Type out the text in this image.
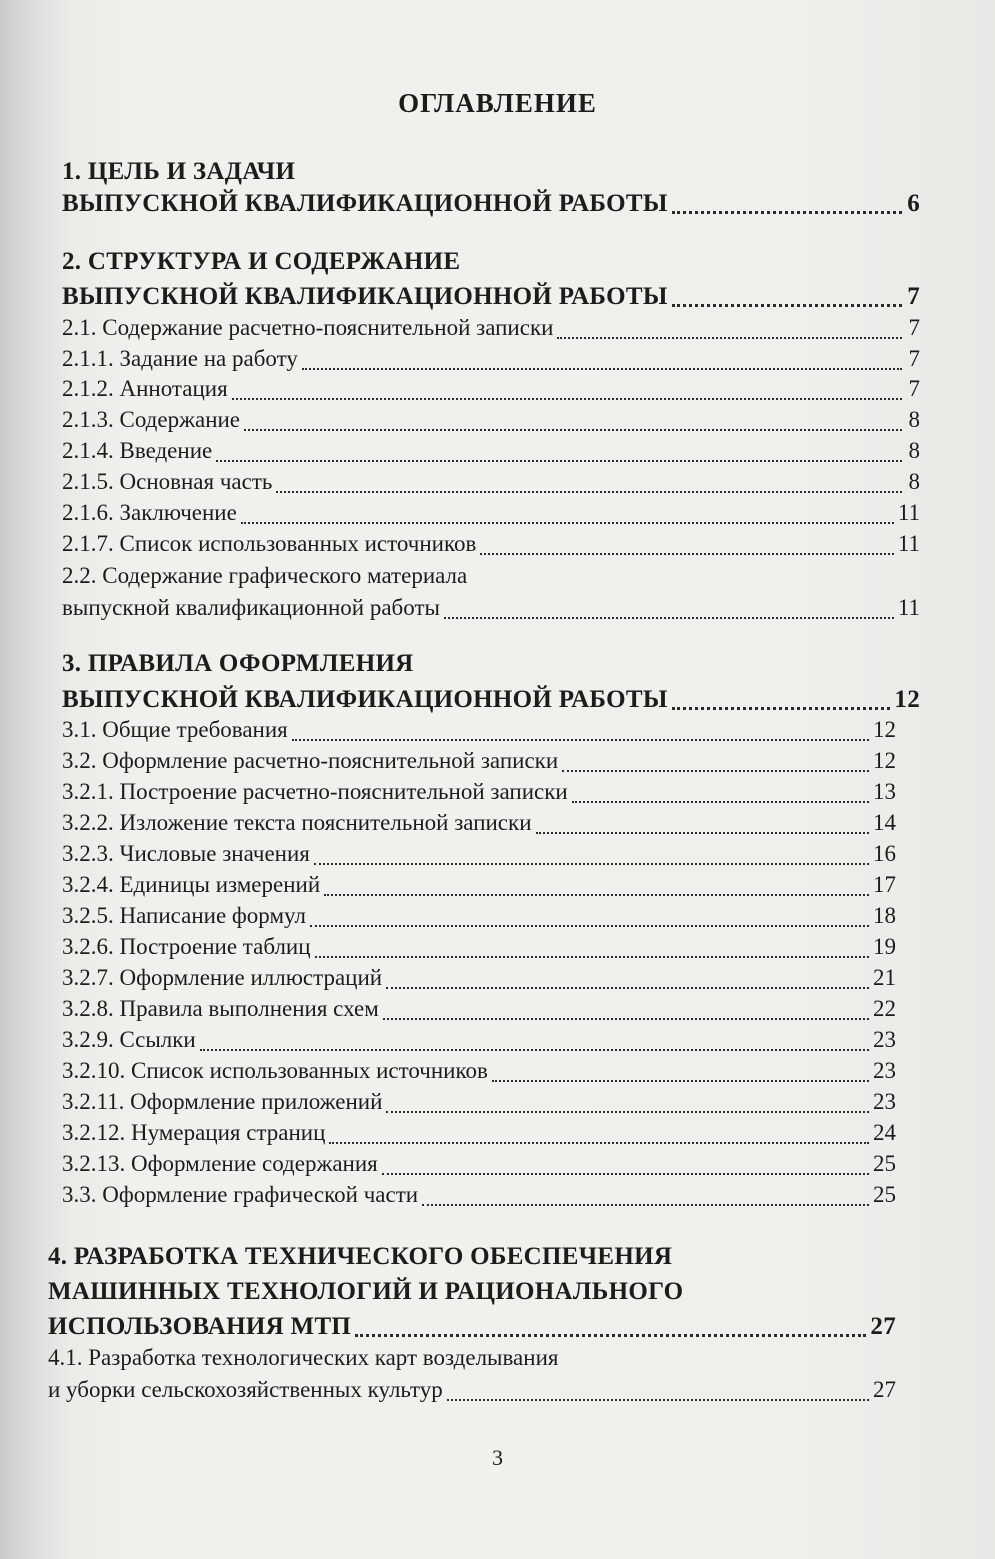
ОГЛАВЛЕНИЕ
1. ЦЕЛЬ И ЗАДАЧИ
ВЫПУСКНОЙ КВАЛИФИКАЦИОННОЙ РАБОТЫ	6
2. СТРУКТУРА И СОДЕРЖАНИЕ
ВЫПУСКНОЙ КВАЛИФИКАЦИОННОЙ РАБОТЫ	7
2.1. Содержание расчетно-пояснительной записки	7
2.1.1. Задание на работу	7
2.1.2. Аннотация	7
2.1.3. Содержание	8
2.1.4. Введение	8
2.1.5. Основная часть	8
2.1.6. Заключение	11
2.1.7. Список использованных источников	11
2.2. Содержание графического материала
выпускной квалификационной работы	11
3. ПРАВИЛА ОФОРМЛЕНИЯ
ВЫПУСКНОЙ КВАЛИФИКАЦИОННОЙ РАБОТЫ	12
3.1. Общие требования	12
3.2. Оформление расчетно-пояснительной записки	12
3.2.1. Построение расчетно-пояснительной записки	13
3.2.2. Изложение текста пояснительной записки	14
3.2.3. Числовые значения	16
3.2.4. Единицы измерений	17
3.2.5. Написание формул	18
3.2.6. Построение таблиц	19
3.2.7. Оформление иллюстраций	21
3.2.8. Правила выполнения схем	22
3.2.9. Ссылки	23
3.2.10. Список использованных источников	23
3.2.11. Оформление приложений	23
3.2.12. Нумерация страниц	24
3.2.13. Оформление содержания	25
3.3. Оформление графической части	25
4. РАЗРАБОТКА ТЕХНИЧЕСКОГО ОБЕСПЕЧЕНИЯ
МАШИННЫХ ТЕХНОЛОГИЙ И РАЦИОНАЛЬНОГО
ИСПОЛЬЗОВАНИЯ МТП	27
4.1. Разработка технологических карт возделывания
и уборки сельскохозяйственных культур	27
3
